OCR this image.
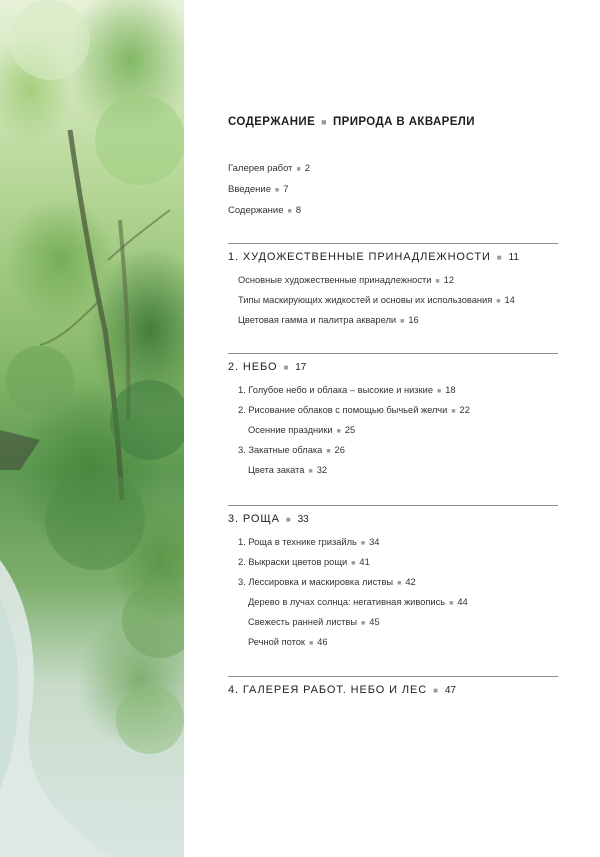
СОДЕРЖАНИЕ ■ ПРИРОДА В АКВАРЕЛИ
Галерея работ ■ 2
Введение ■ 7
Содержание ■ 8
1. ХУДОЖЕСТВЕННЫЕ ПРИНАДЛЕЖНОСТИ ■ 11
Основные художественные принадлежности ■ 12
Типы маскирующих жидкостей и основы их использования ■ 14
Цветовая гамма и палитра акварели ■ 16
2. НЕБО ■ 17
1. Голубое небо и облака – высокие и низкие ■ 18
2. Рисование облаков с помощью бычьей желчи ■ 22
Осенние праздники ■ 25
3. Закатные облака ■ 26
Цвета заката ■ 32
3. РОЩА ■ 33
1. Роща в технике гризайль ■ 34
2. Выкраски цветов рощи ■ 41
3. Лессировка и маскировка листвы ■ 42
Дерево в лучах солнца: негативная живопись ■ 44
Свежесть ранней листвы ■ 45
Речной поток ■ 46
4. ГАЛЕРЕЯ РАБОТ. НЕБО И ЛЕС ■ 47
